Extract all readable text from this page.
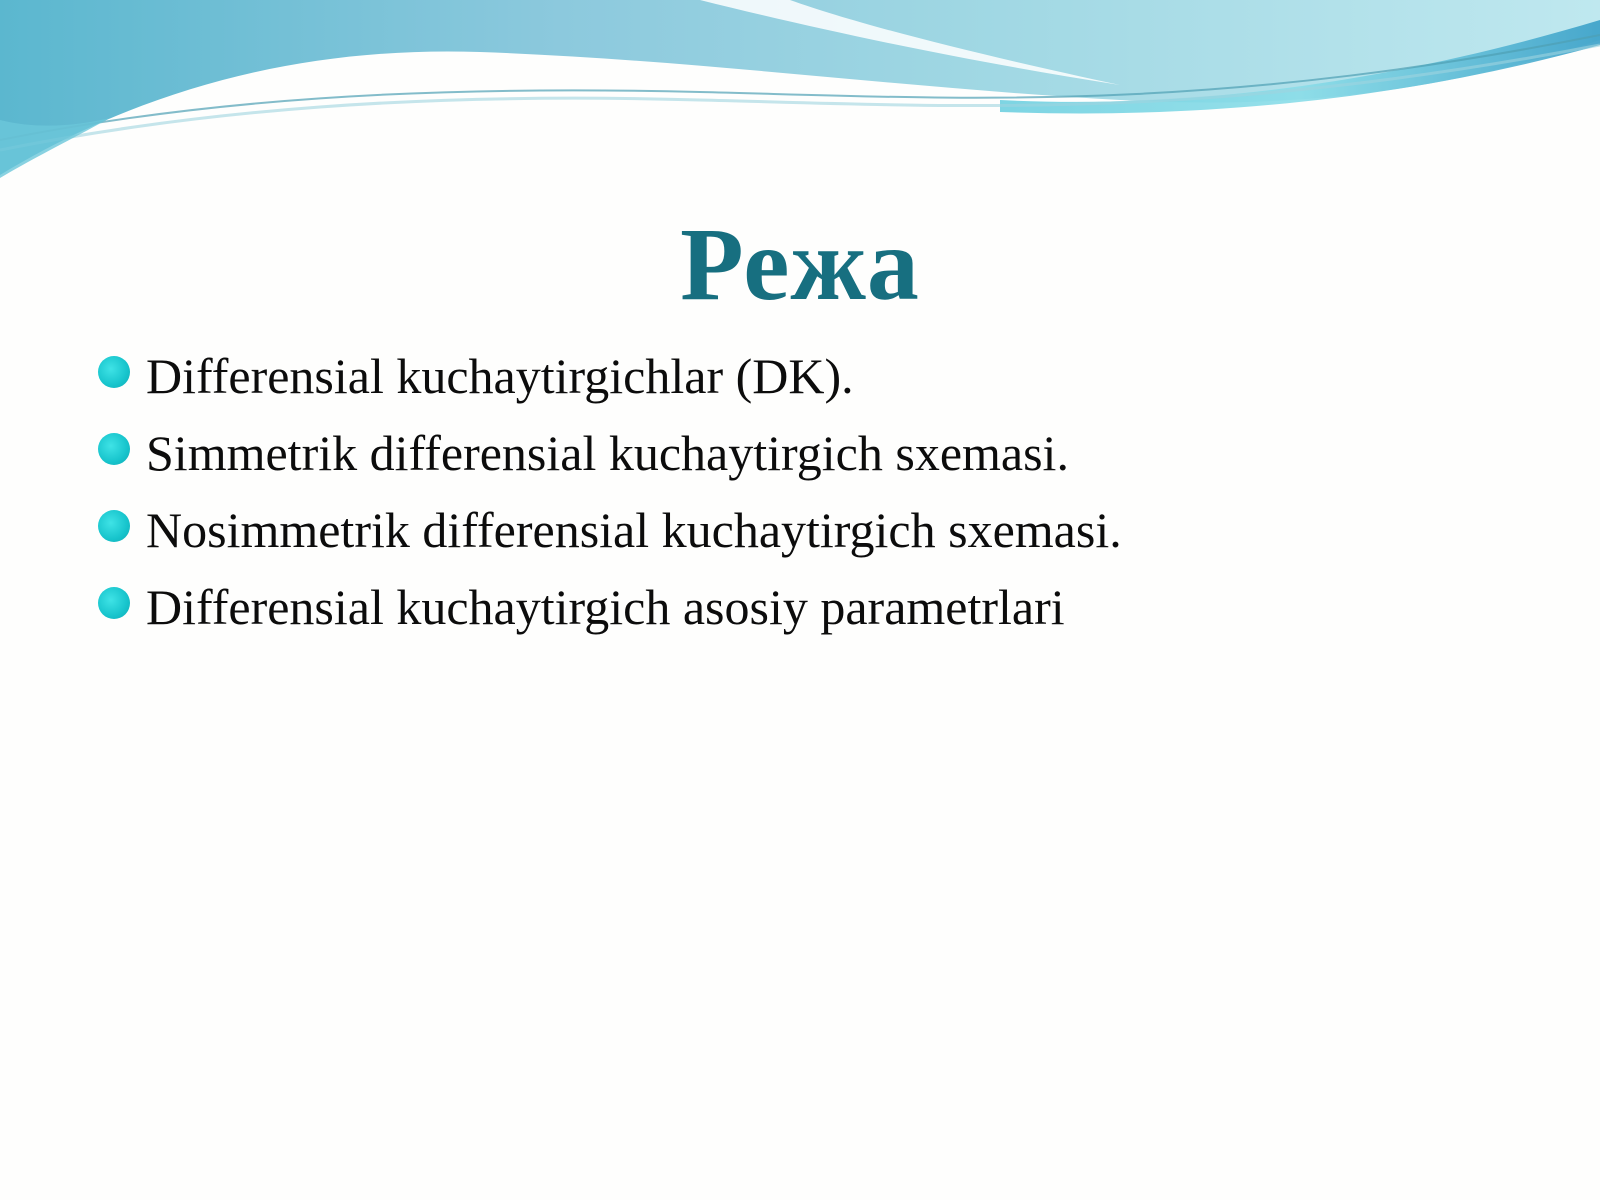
Режа
Differensial kuchaytirgichlar (DK).
Simmetrik differensial kuchaytirgich sxemasi.
Nosimmetrik differensial kuchaytirgich sxemasi.
Differensial kuchaytirgich asosiy parametrlari
